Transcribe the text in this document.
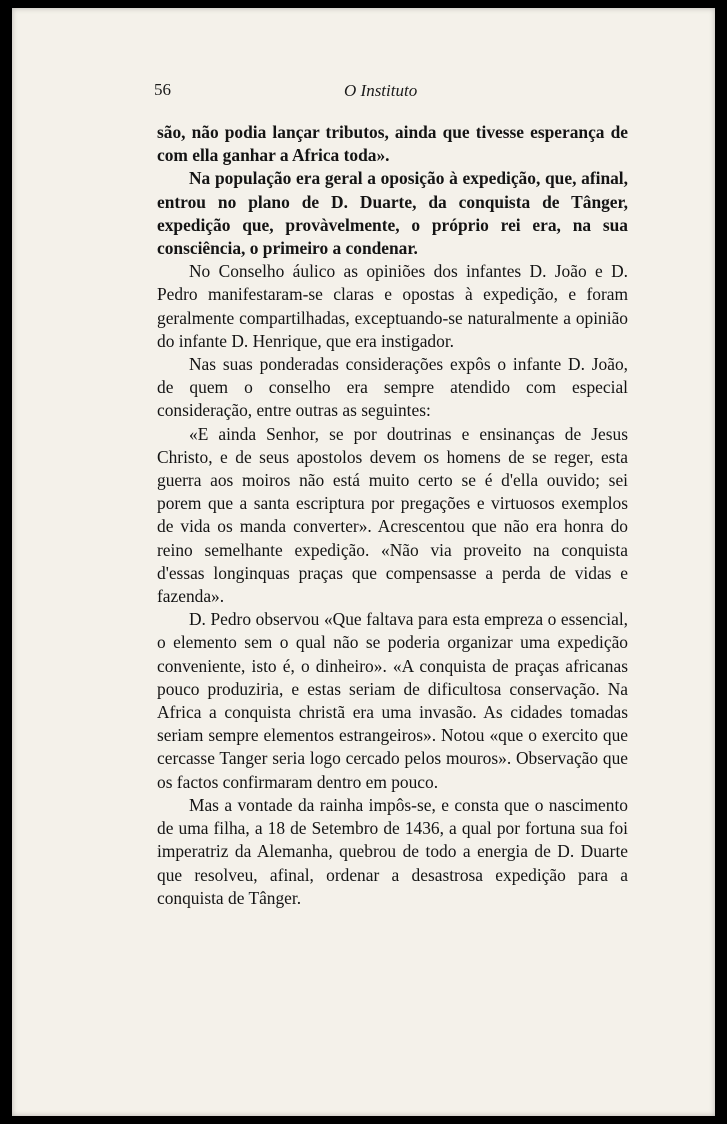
56	O Instituto

são, não podia lançar tributos, ainda que tivesse esperança de com ella ganhar a Africa toda».

Na população era geral a oposição à expedição, que, afinal, entrou no plano de D. Duarte, da conquista de Tânger, expedição que, provàvelmente, o próprio rei era, na sua consciência, o primeiro a condenar.

No Conselho áulico as opiniões dos infantes D. João e D. Pedro manifestaram-se claras e opostas à expedição, e foram geralmente compartilhadas, exceptuando-se naturalmente a opinião do infante D. Henrique, que era instigador.

Nas suas ponderadas considerações expôs o infante D. João, de quem o conselho era sempre atendido com especial consideração, entre outras as seguintes:

«E ainda Senhor, se por doutrinas e ensinanças de Jesus Christo, e de seus apostolos devem os homens de se reger, esta guerra aos moiros não está muito certo se é d'ella ouvido; sei porem que a santa escriptura por pregações e virtuosos exemplos de vida os manda converter». Acrescentou que não era honra do reino semelhante expedição. «Não via proveito na conquista d'essas longinquas praças que compensasse a perda de vidas e fazenda».

D. Pedro observou «Que faltava para esta empreza o essencial, o elemento sem o qual não se poderia organizar uma expedição conveniente, isto é, o dinheiro». «A conquista de praças africanas pouco produziria, e estas seriam de dificultosa conservação. Na Africa a conquista christã era uma invasão. As cidades tomadas seriam sempre elementos estrangeiros». Notou «que o exercito que cercasse Tanger seria logo cercado pelos mouros». Observação que os factos confirmaram dentro em pouco.

Mas a vontade da rainha impôs-se, e consta que o nascimento de uma filha, a 18 de Setembro de 1436, a qual por fortuna sua foi imperatriz da Alemanha, quebrou de todo a energia de D. Duarte que resolveu, afinal, ordenar a desastrosa expedição para a conquista de Tânger.
